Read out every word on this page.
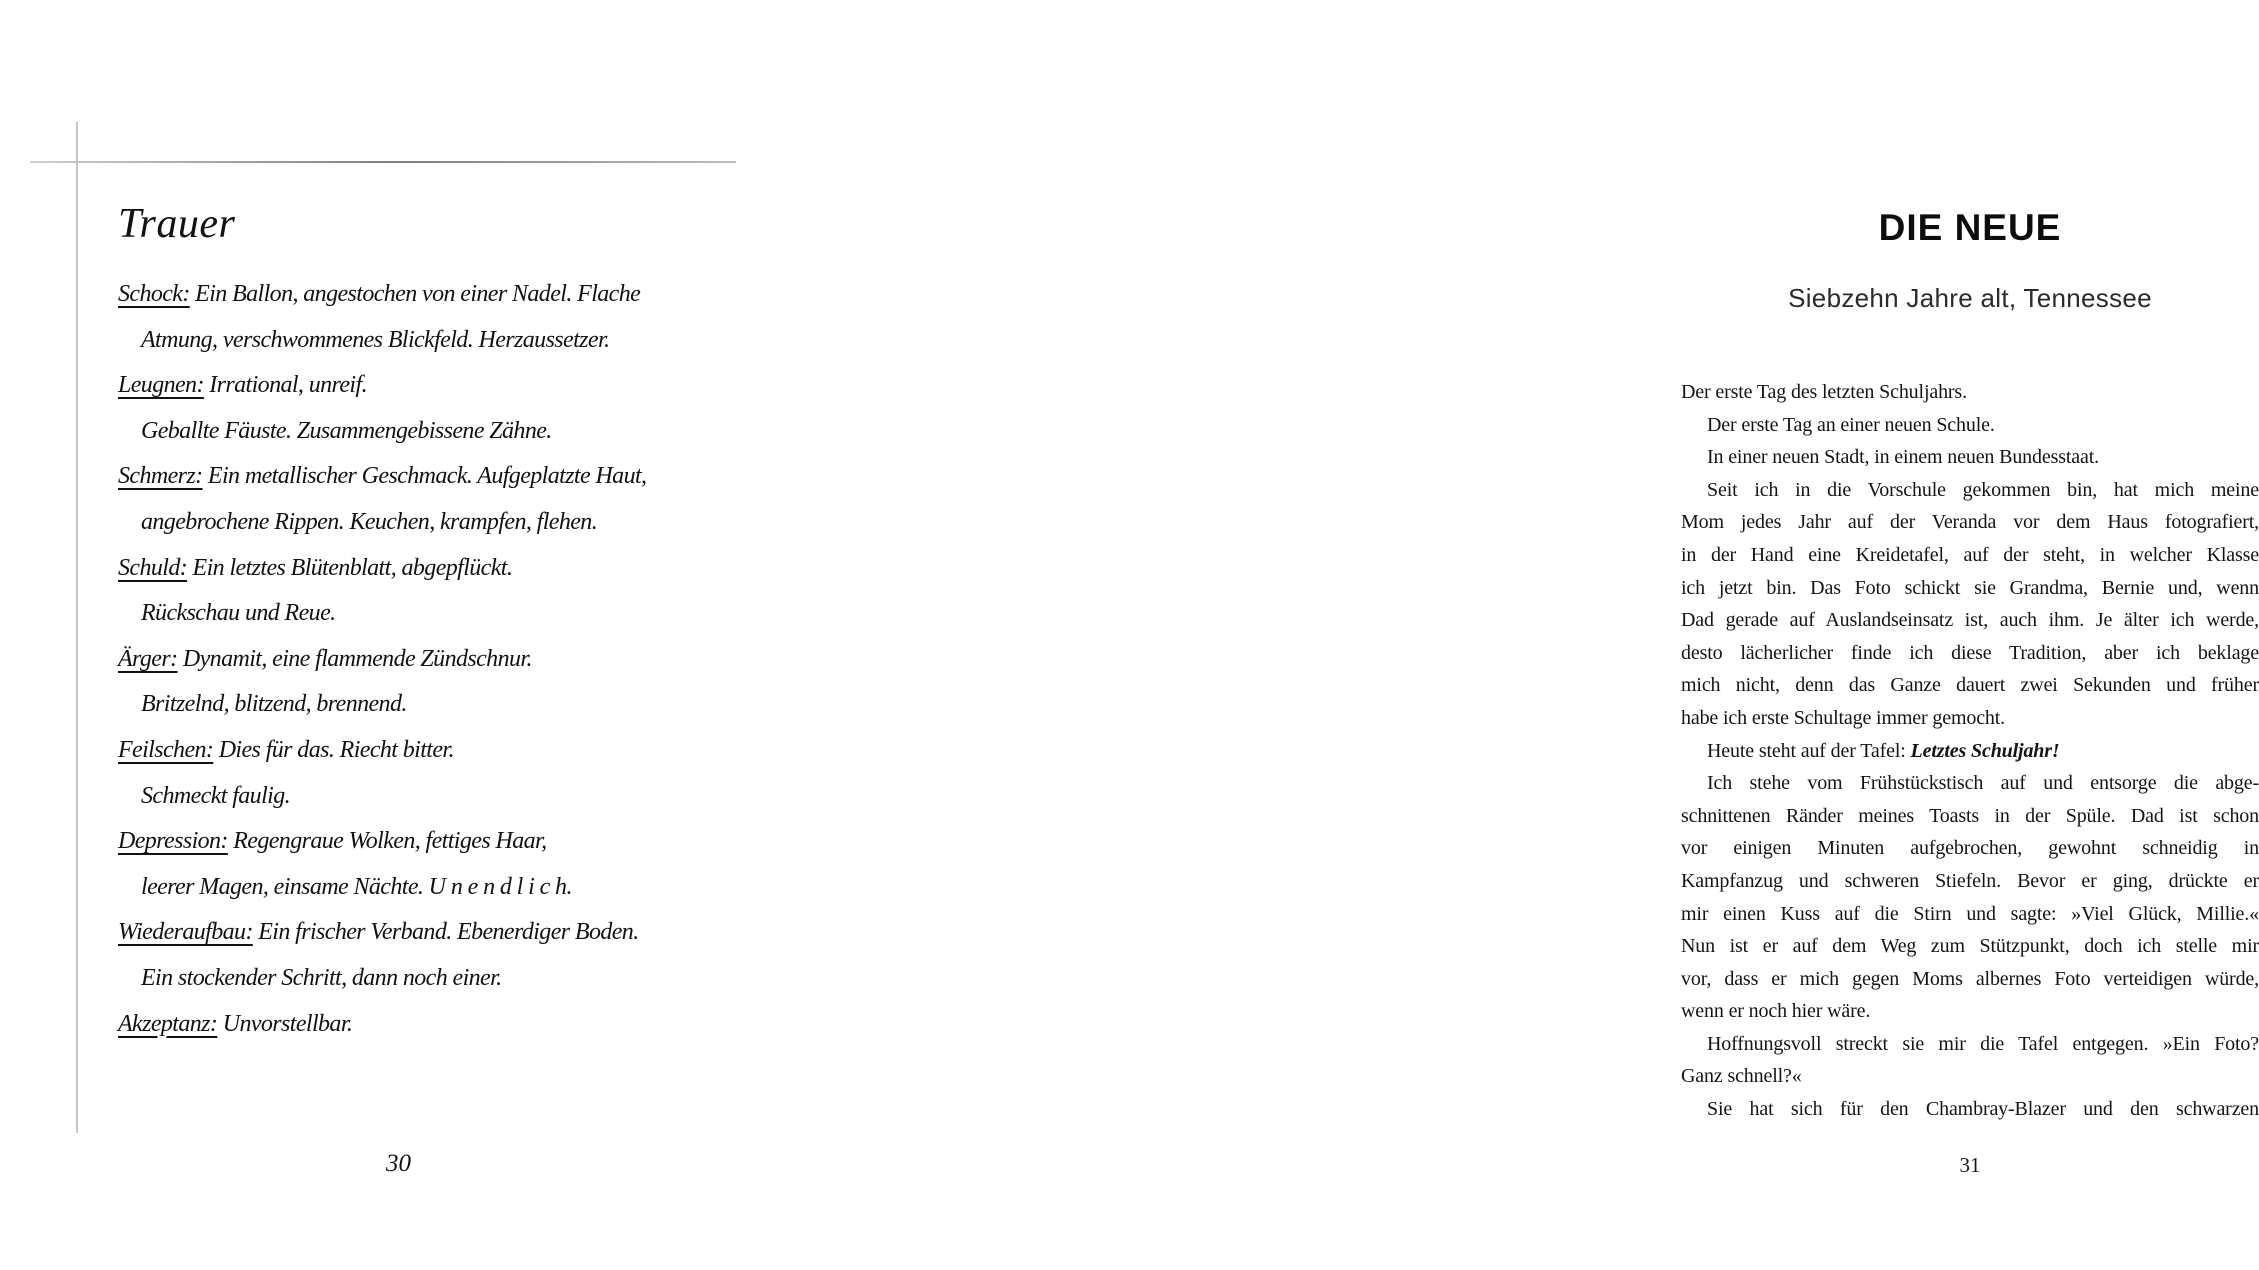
Trauer
Schock: Ein Ballon, angestochen von einer Nadel. Flache
Atmung, verschwommenes Blickfeld. Herzaussetzer.
Leugnen: Irrational, unreif.
Geballte Fäuste. Zusammengebissene Zähne.
Schmerz: Ein metallischer Geschmack. Aufgeplatzte Haut,
angebrochene Rippen. Keuchen, krampfen, flehen.
Schuld: Ein letztes Blütenblatt, abgepflückt.
Rückschau und Reue.
Ärger: Dynamit, eine flammende Zündschnur.
Britzelnd, blitzend, brennend.
Feilschen: Dies für das. Riecht bitter.
Schmeckt faulig.
Depression: Regengraue Wolken, fettiges Haar,
leerer Magen, einsame Nächte. U n e n d l i c h.
Wiederaufbau: Ein frischer Verband. Ebenerdiger Boden.
Ein stockender Schritt, dann noch einer.
Akzeptanz: Unvorstellbar.
30
DIE NEUE
Siebzehn Jahre alt, Tennessee
Der erste Tag des letzten Schuljahrs.
Der erste Tag an einer neuen Schule.
In einer neuen Stadt, in einem neuen Bundesstaat.
Seit ich in die Vorschule gekommen bin, hat mich meine
Mom jedes Jahr auf der Veranda vor dem Haus fotografiert,
in der Hand eine Kreidetafel, auf der steht, in welcher Klasse
ich jetzt bin. Das Foto schickt sie Grandma, Bernie und, wenn
Dad gerade auf Auslandseinsatz ist, auch ihm. Je älter ich werde,
desto lächerlicher finde ich diese Tradition, aber ich beklage
mich nicht, denn das Ganze dauert zwei Sekunden und früher
habe ich erste Schultage immer gemocht.
Heute steht auf der Tafel: Letztes Schuljahr!
Ich stehe vom Frühstückstisch auf und entsorge die abge-
schnittenen Ränder meines Toasts in der Spüle. Dad ist schon
vor einigen Minuten aufgebrochen, gewohnt schneidig in
Kampfanzug und schweren Stiefeln. Bevor er ging, drückte er
mir einen Kuss auf die Stirn und sagte: »Viel Glück, Millie.«
Nun ist er auf dem Weg zum Stützpunkt, doch ich stelle mir
vor, dass er mich gegen Moms albernes Foto verteidigen würde,
wenn er noch hier wäre.
Hoffnungsvoll streckt sie mir die Tafel entgegen. »Ein Foto?
Ganz schnell?«
Sie hat sich für den Chambray-Blazer und den schwarzen
31
